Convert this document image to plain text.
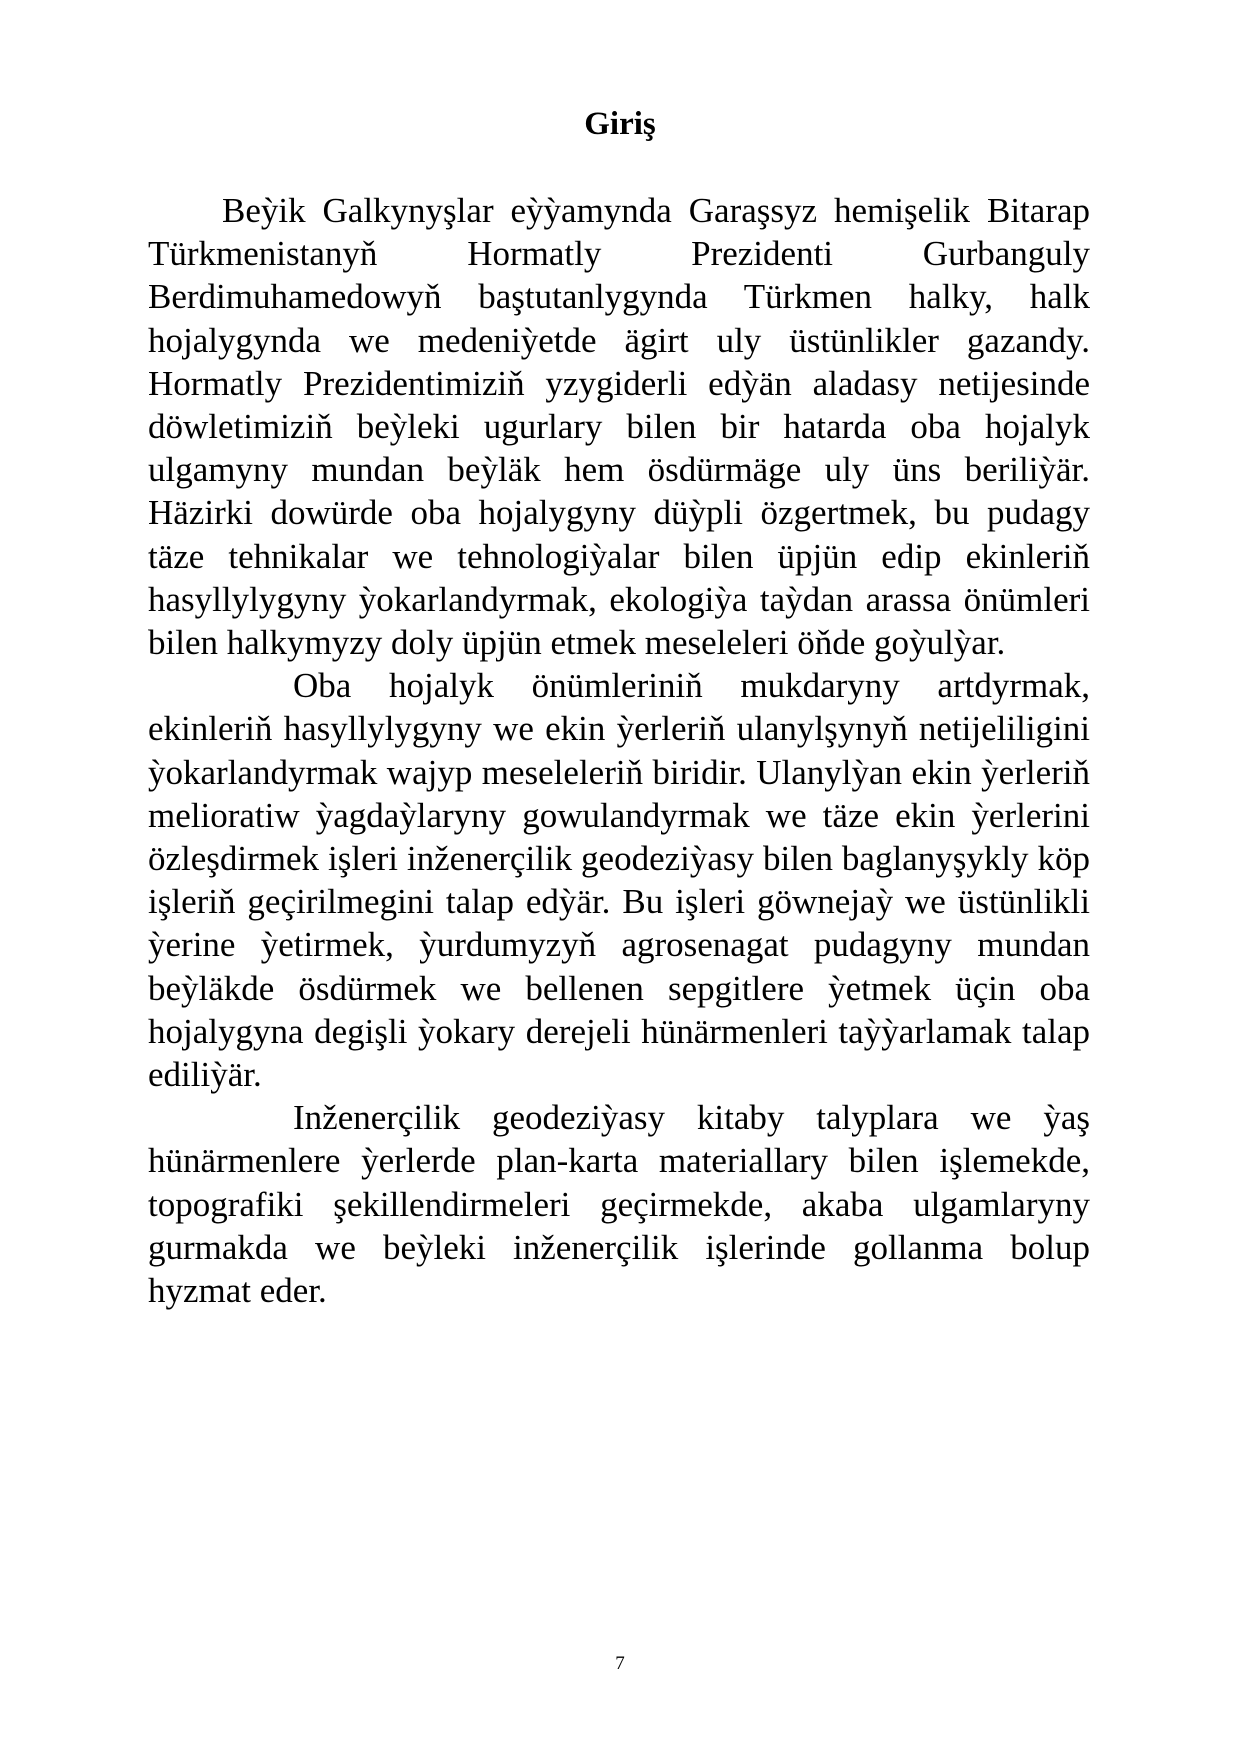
Giriş

Beỳik Galkynyşlar eỳỳamynda Garaşsyz hemişelik Bitarap Türkmenistanyň Hormatly Prezidenti Gurbanguly Berdimuhamedowyň baştutanlygynda Türkmen halky, halk hojalygynda we medeniỳetde ägirt uly üstünlikler gazandy. Hormatly Prezidentimiziň yzygiderli edỳän aladasy netijesinde döwletimiziň beỳleki ugurlary bilen bir hatarda oba hojalyk ulgamyny mundan beỳläk hem ösdürmäge uly üns beriliỳär. Häzirki dowürde oba hojalygyny düỳpli özgertmek, bu pudagy täze tehnikalar we tehnologiỳalar bilen üpjün edip ekinleriň hasyllylygyny ỳokarlandyrmak, ekologiỳa taỳdan arassa önümleri bilen halkymyzy doly üpjün etmek meseleleri öňde goỳulỳar.

Oba hojalyk önümleriniň mukdaryny artdyrmak, ekinleriň hasyllylygyny we ekin ỳerleriň ulanylşynyň netijeliligini ỳokarlandyrmak wajyp meseleleriň biridir. Ulanylỳan ekin ỳerleriň melioratiw ỳagdaỳlaryny gowulandyrmak we täze ekin ỳerlerini özleşdirmek işleri inženerçilik geodeziỳasy bilen baglanyşykly köp işleriň geçirilmegini talap edỳär. Bu işleri göwnejaỳ we üstünlikli ỳerine ỳetirmek, ỳurdumyzyň agrosenagat pudagyny mundan beỳläkde ösdürmek we bellenen sepgitlere ỳetmek üçin oba hojalygyna degişli ỳokary derejeli hünärmenleri taỳỳarlamak talap ediliỳär.

Inženerçilik geodeziỳasy kitaby talyplara we ỳaş hünärmenlere ỳerlerde plan-karta materiallary bilen işlemekde, topografiki şekillendirmeleri geçirmekde, akaba ulgamlaryny gurmakda we beỳleki inženerçilik işlerinde gollanma bolup hyzmat eder.

7
